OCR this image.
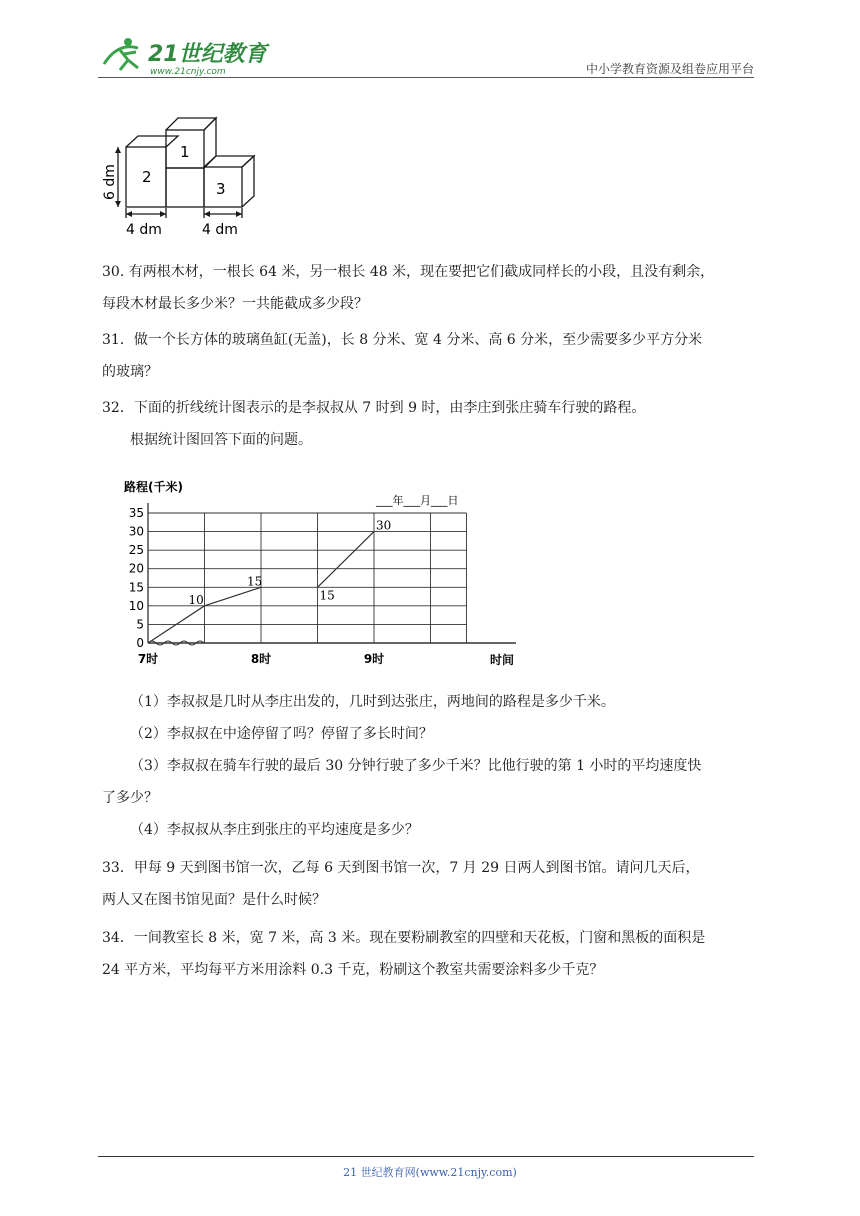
21世纪教育
www.21cnjy.com	中小学教育资源及组卷应用平台
1
2
3
6 dm
4 dm	4 dm

30. 有两根木材，一根长 64 米，另一根长 48 米，现在要把它们截成同样长的小段，且没有剩余，

每段木材最长多少米？一共能截成多少段？

31．做一个长方体的玻璃鱼缸(无盖)，长 8 分米、宽 4 分米、高 6 分米，至少需要多少平方分米

的玻璃？

32．下面的折线统计图表示的是李叔叔从 7 时到 9 时，由李庄到张庄骑车行驶的路程。

根据统计图回答下面的问题。

路程(千米)
___年___月___日
时间
0
5
10
15
20
25
30
35
7时	8时	9时
10
15
15
30

（1）李叔叔是几时从李庄出发的，几时到达张庄，两地间的路程是多少千米。

（2）李叔叔在中途停留了吗？停留了多长时间？

（3）李叔叔在骑车行驶的最后 30 分钟行驶了多少千米？比他行驶的第 1 小时的平均速度快

了多少？

（4）李叔叔从李庄到张庄的平均速度是多少？

33．甲每 9 天到图书馆一次，乙每 6 天到图书馆一次，7 月 29 日两人到图书馆。请问几天后，

两人又在图书馆见面？是什么时候？

34．一间教室长 8 米，宽 7 米，高 3 米。现在要粉刷教室的四壁和天花板，门窗和黑板的面积是

24 平方米，平均每平方米用涂料 0.3 千克，粉刷这个教室共需要涂料多少千克？

21 世纪教育网(www.21cnjy.com)
